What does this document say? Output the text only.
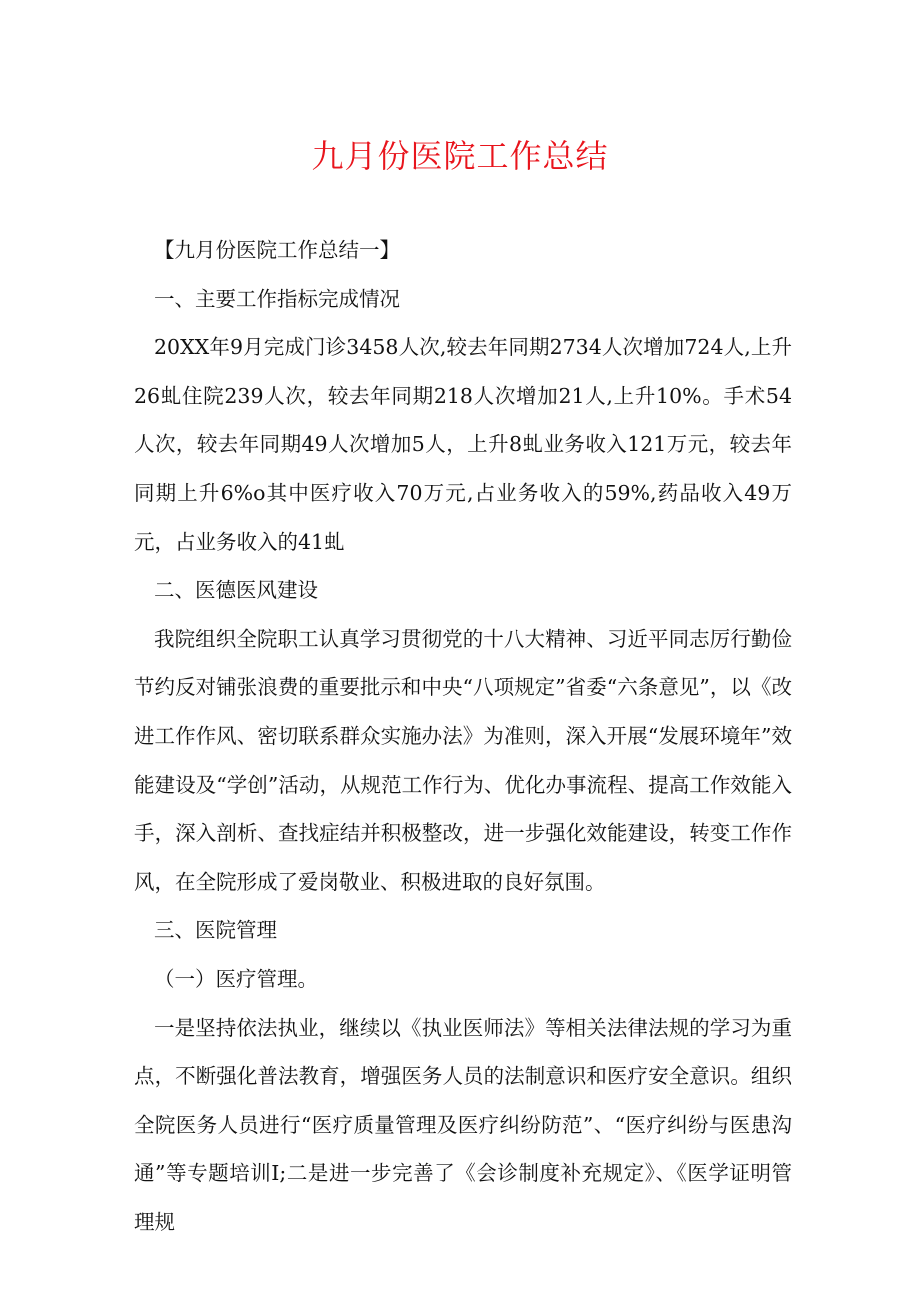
九月份医院工作总结

【九月份医院工作总结一】

一、主要工作指标完成情况

20XX年9月完成门诊3458人次,较去年同期2734人次增加724人,上升26虬住院239人次，较去年同期218人次增加21人,上升10%。手术54人次，较去年同期49人次增加5人，上升8虬业务收入121万元，较去年同期上升6%o其中医疗收入70万元,占业务收入的59%,药品收入49万元，占业务收入的41虬

二、医德医风建设

我院组织全院职工认真学习贯彻党的十八大精神、习近平同志厉行勤俭节约反对铺张浪费的重要批示和中央“八项规定”省委“六条意见”，以《改进工作作风、密切联系群众实施办法》为准则，深入开展“发展环境年”效能建设及“学创”活动，从规范工作行为、优化办事流程、提高工作效能入手，深入剖析、查找症结并积极整改，进一步强化效能建设，转变工作作风，在全院形成了爱岗敬业、积极进取的良好氛围。

三、医院管理

（一）医疗管理。

一是坚持依法执业，继续以《执业医师法》等相关法律法规的学习为重点，不断强化普法教育，增强医务人员的法制意识和医疗安全意识。组织全院医务人员进行“医疗质量管理及医疗纠纷防范”、“医疗纠纷与医患沟通”等专题培训I;二是进一步完善了《会诊制度补充规定》、《医学证明管理规
